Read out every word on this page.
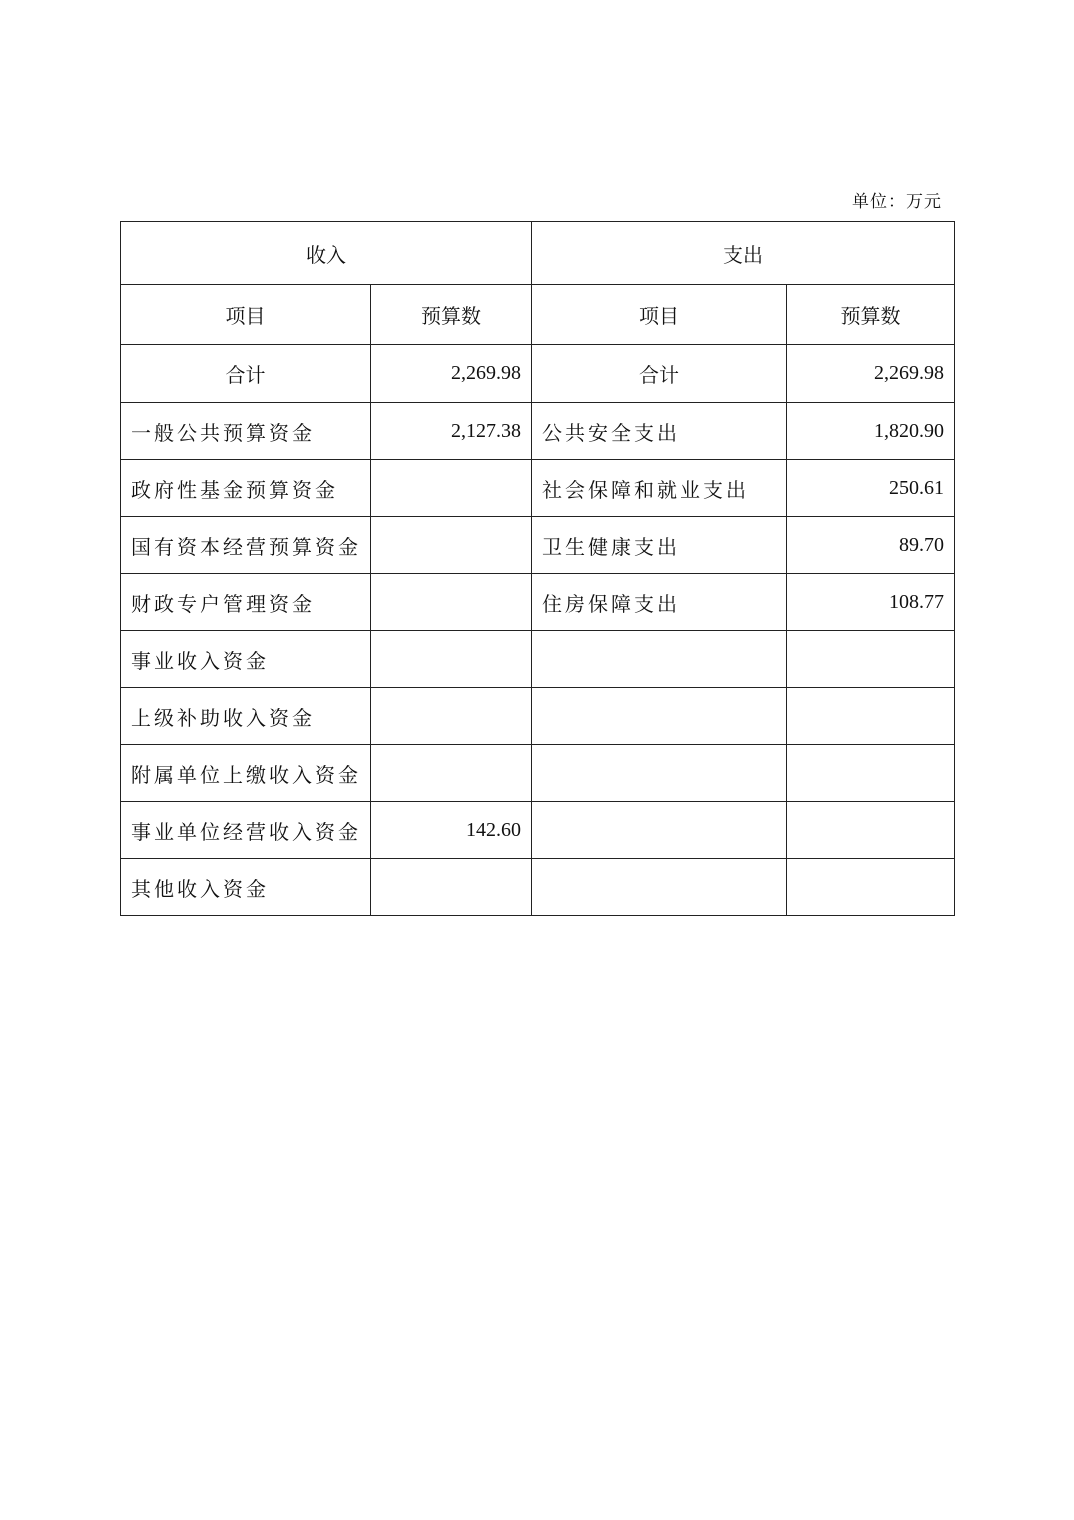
单位：万元
收入		支出	
项目	预算数	项目	预算数
合计	2,269.98	合计	2,269.98
一般公共预算资金	2,127.38	公共安全支出	1,820.90
政府性基金预算资金		社会保障和就业支出	250.61
国有资本经营预算资金		卫生健康支出	89.70
财政专户管理资金		住房保障支出	108.77
事业收入资金			
上级补助收入资金			
附属单位上缴收入资金			
事业单位经营收入资金	142.60		
其他收入资金			
